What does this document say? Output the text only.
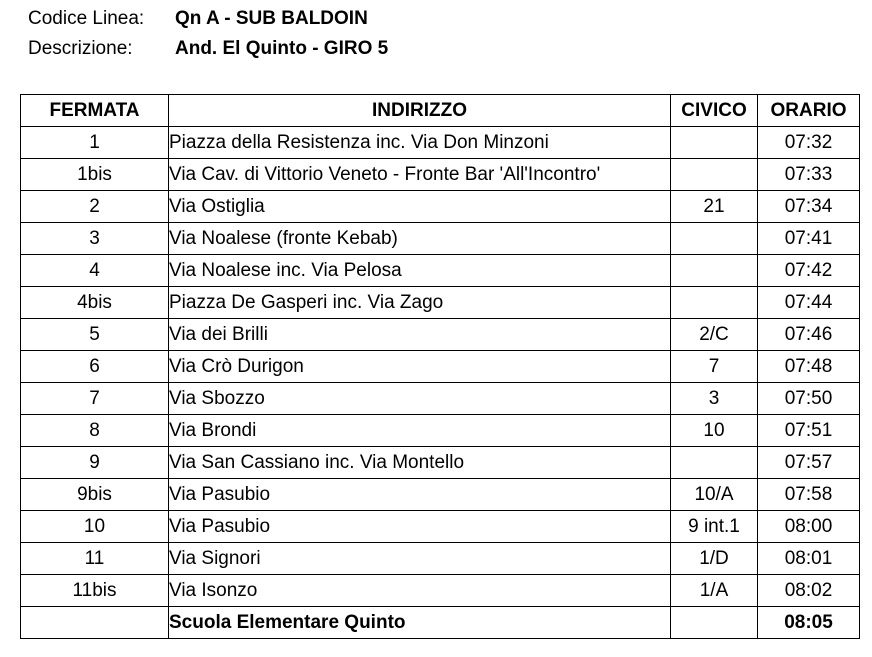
Codice Linea:	Qn A - SUB BALDOIN
Descrizione:	And. El Quinto - GIRO 5
FERMATA	INDIRIZZO	CIVICO	ORARIO
1	Piazza della Resistenza inc. Via Don Minzoni		07:32
1bis	Via Cav. di Vittorio Veneto - Fronte Bar 'All'Incontro'		07:33
2	Via Ostiglia	21	07:34
3	Via Noalese (fronte Kebab)		07:41
4	Via Noalese inc. Via Pelosa		07:42
4bis	Piazza De Gasperi inc. Via Zago		07:44
5	Via dei Brilli	2/C	07:46
6	Via Crò Durigon	7	07:48
7	Via Sbozzo	3	07:50
8	Via Brondi	10	07:51
9	Via San Cassiano inc. Via Montello		07:57
9bis	Via Pasubio	10/A	07:58
10	Via Pasubio	9 int.1	08:00
11	Via Signori	1/D	08:01
11bis	Via Isonzo	1/A	08:02
	Scuola Elementare Quinto		08:05
